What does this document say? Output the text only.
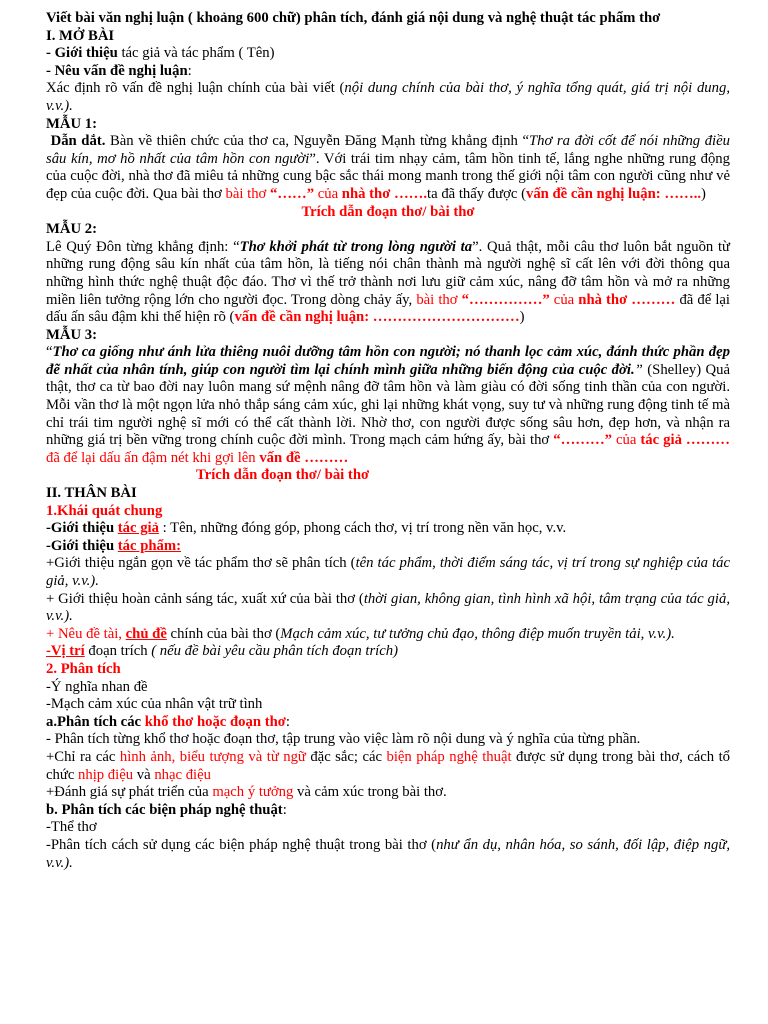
Viết bài văn nghị luận ( khoảng 600 chữ) phân tích, đánh giá nội dung và nghệ thuật tác phẩm thơ

I. MỞ BÀI

- Giới thiệu tác giả và tác phẩm ( Tên)

- Nêu vấn đề nghị luận:

Xác định rõ vấn đề nghị luận chính của bài viết (nội dung chính của bài thơ, ý nghĩa tổng quát, giá trị nội dung, v.v.).

MẪU 1:

Dẫn dắt. Bàn về thiên chức của thơ ca, Nguyễn Đăng Mạnh từng khẳng định “Thơ ra đời cốt để nói những điều sâu kín, mơ hồ nhất của tâm hồn con người”. Với trái tim nhạy cảm, tâm hồn tinh tế, lắng nghe những rung động của cuộc đời, nhà thơ đã miêu tả những cung bậc sắc thái mong manh trong thế giới nội tâm con người cũng như vẻ đẹp của cuộc đời. Qua bài thơ bài thơ “……” của nhà thơ …….ta đã thấy được (vấn đề cần nghị luận: ……..)

Trích dẫn đoạn thơ/ bài thơ

MẪU 2:

Lê Quý Đôn từng khẳng định: “Thơ khởi phát từ trong lòng người ta”. Quả thật, mỗi câu thơ luôn bắt nguồn từ những rung động sâu kín nhất của tâm hồn, là tiếng nói chân thành mà người nghệ sĩ cất lên với đời thông qua những hình thức nghệ thuật độc đáo. Thơ vì thế trở thành nơi lưu giữ cảm xúc, nâng đỡ tâm hồn và mở ra những miền liên tưởng rộng lớn cho người đọc. Trong dòng chảy ấy, bài thơ “……………” của nhà thơ ……… đã để lại dấu ấn sâu đậm khi thể hiện rõ (vấn đề cần nghị luận: …………………………)

MẪU 3:

“Thơ ca giống như ánh lửa thiêng nuôi dưỡng tâm hồn con người; nó thanh lọc cảm xúc, đánh thức phần đẹp đẽ nhất của nhân tính, giúp con người tìm lại chính mình giữa những biến động của cuộc đời.” (Shelley) Quả thật, thơ ca từ bao đời nay luôn mang sứ mệnh nâng đỡ tâm hồn và làm giàu có đời sống tinh thần của con người. Mỗi vần thơ là một ngọn lửa nhỏ thắp sáng cảm xúc, ghi lại những khát vọng, suy tư và những rung động tinh tế mà chỉ trái tim người nghệ sĩ mới có thể cất thành lời. Nhờ thơ, con người được sống sâu hơn, đẹp hơn, và nhận ra những giá trị bền vững trong chính cuộc đời mình. Trong mạch cảm hứng ấy, bài thơ “………” của tác giả ……… đã để lại dấu ấn đậm nét khi gợi lên vấn đề ………

Trích dẫn đoạn thơ/ bài thơ

II. THÂN BÀI

1.Khái quát chung

-Giới thiệu tác giả : Tên, những đóng góp, phong cách thơ, vị trí trong nền văn học, v.v.

-Giới thiệu tác phẩm:

+Giới thiệu ngắn gọn về tác phẩm thơ sẽ phân tích (tên tác phẩm, thời điểm sáng tác, vị trí trong sự nghiệp của tác giả, v.v.).

+ Giới thiệu hoàn cảnh sáng tác, xuất xứ của bài thơ (thời gian, không gian, tình hình xã hội, tâm trạng của tác giả, v.v.).

+ Nêu đề tài, chủ đề chính của bài thơ (Mạch cảm xúc, tư tưởng chủ đạo, thông điệp muốn truyền tải, v.v.).

-Vị trí đoạn trích ( nếu đề bài yêu cầu phân tích đoạn trích)

2. Phân tích

-Ý nghĩa nhan đề

-Mạch cảm xúc của nhân vật trữ tình

a.Phân tích các khổ thơ hoặc đoạn thơ:

- Phân tích từng khổ thơ hoặc đoạn thơ, tập trung vào việc làm rõ nội dung và ý nghĩa của từng phần.

+Chỉ ra các hình ảnh, biểu tượng và từ ngữ đặc sắc; các biện pháp nghệ thuật được sử dụng trong bài thơ, cách tổ chức nhịp điệu và nhạc điệu

+Đánh giá sự phát triển của mạch ý tưởng và cảm xúc trong bài thơ.

b. Phân tích các biện pháp nghệ thuật:

-Thể thơ

-Phân tích cách sử dụng các biện pháp nghệ thuật trong bài thơ (như ẩn dụ, nhân hóa, so sánh, đối lập, điệp ngữ, v.v.).
